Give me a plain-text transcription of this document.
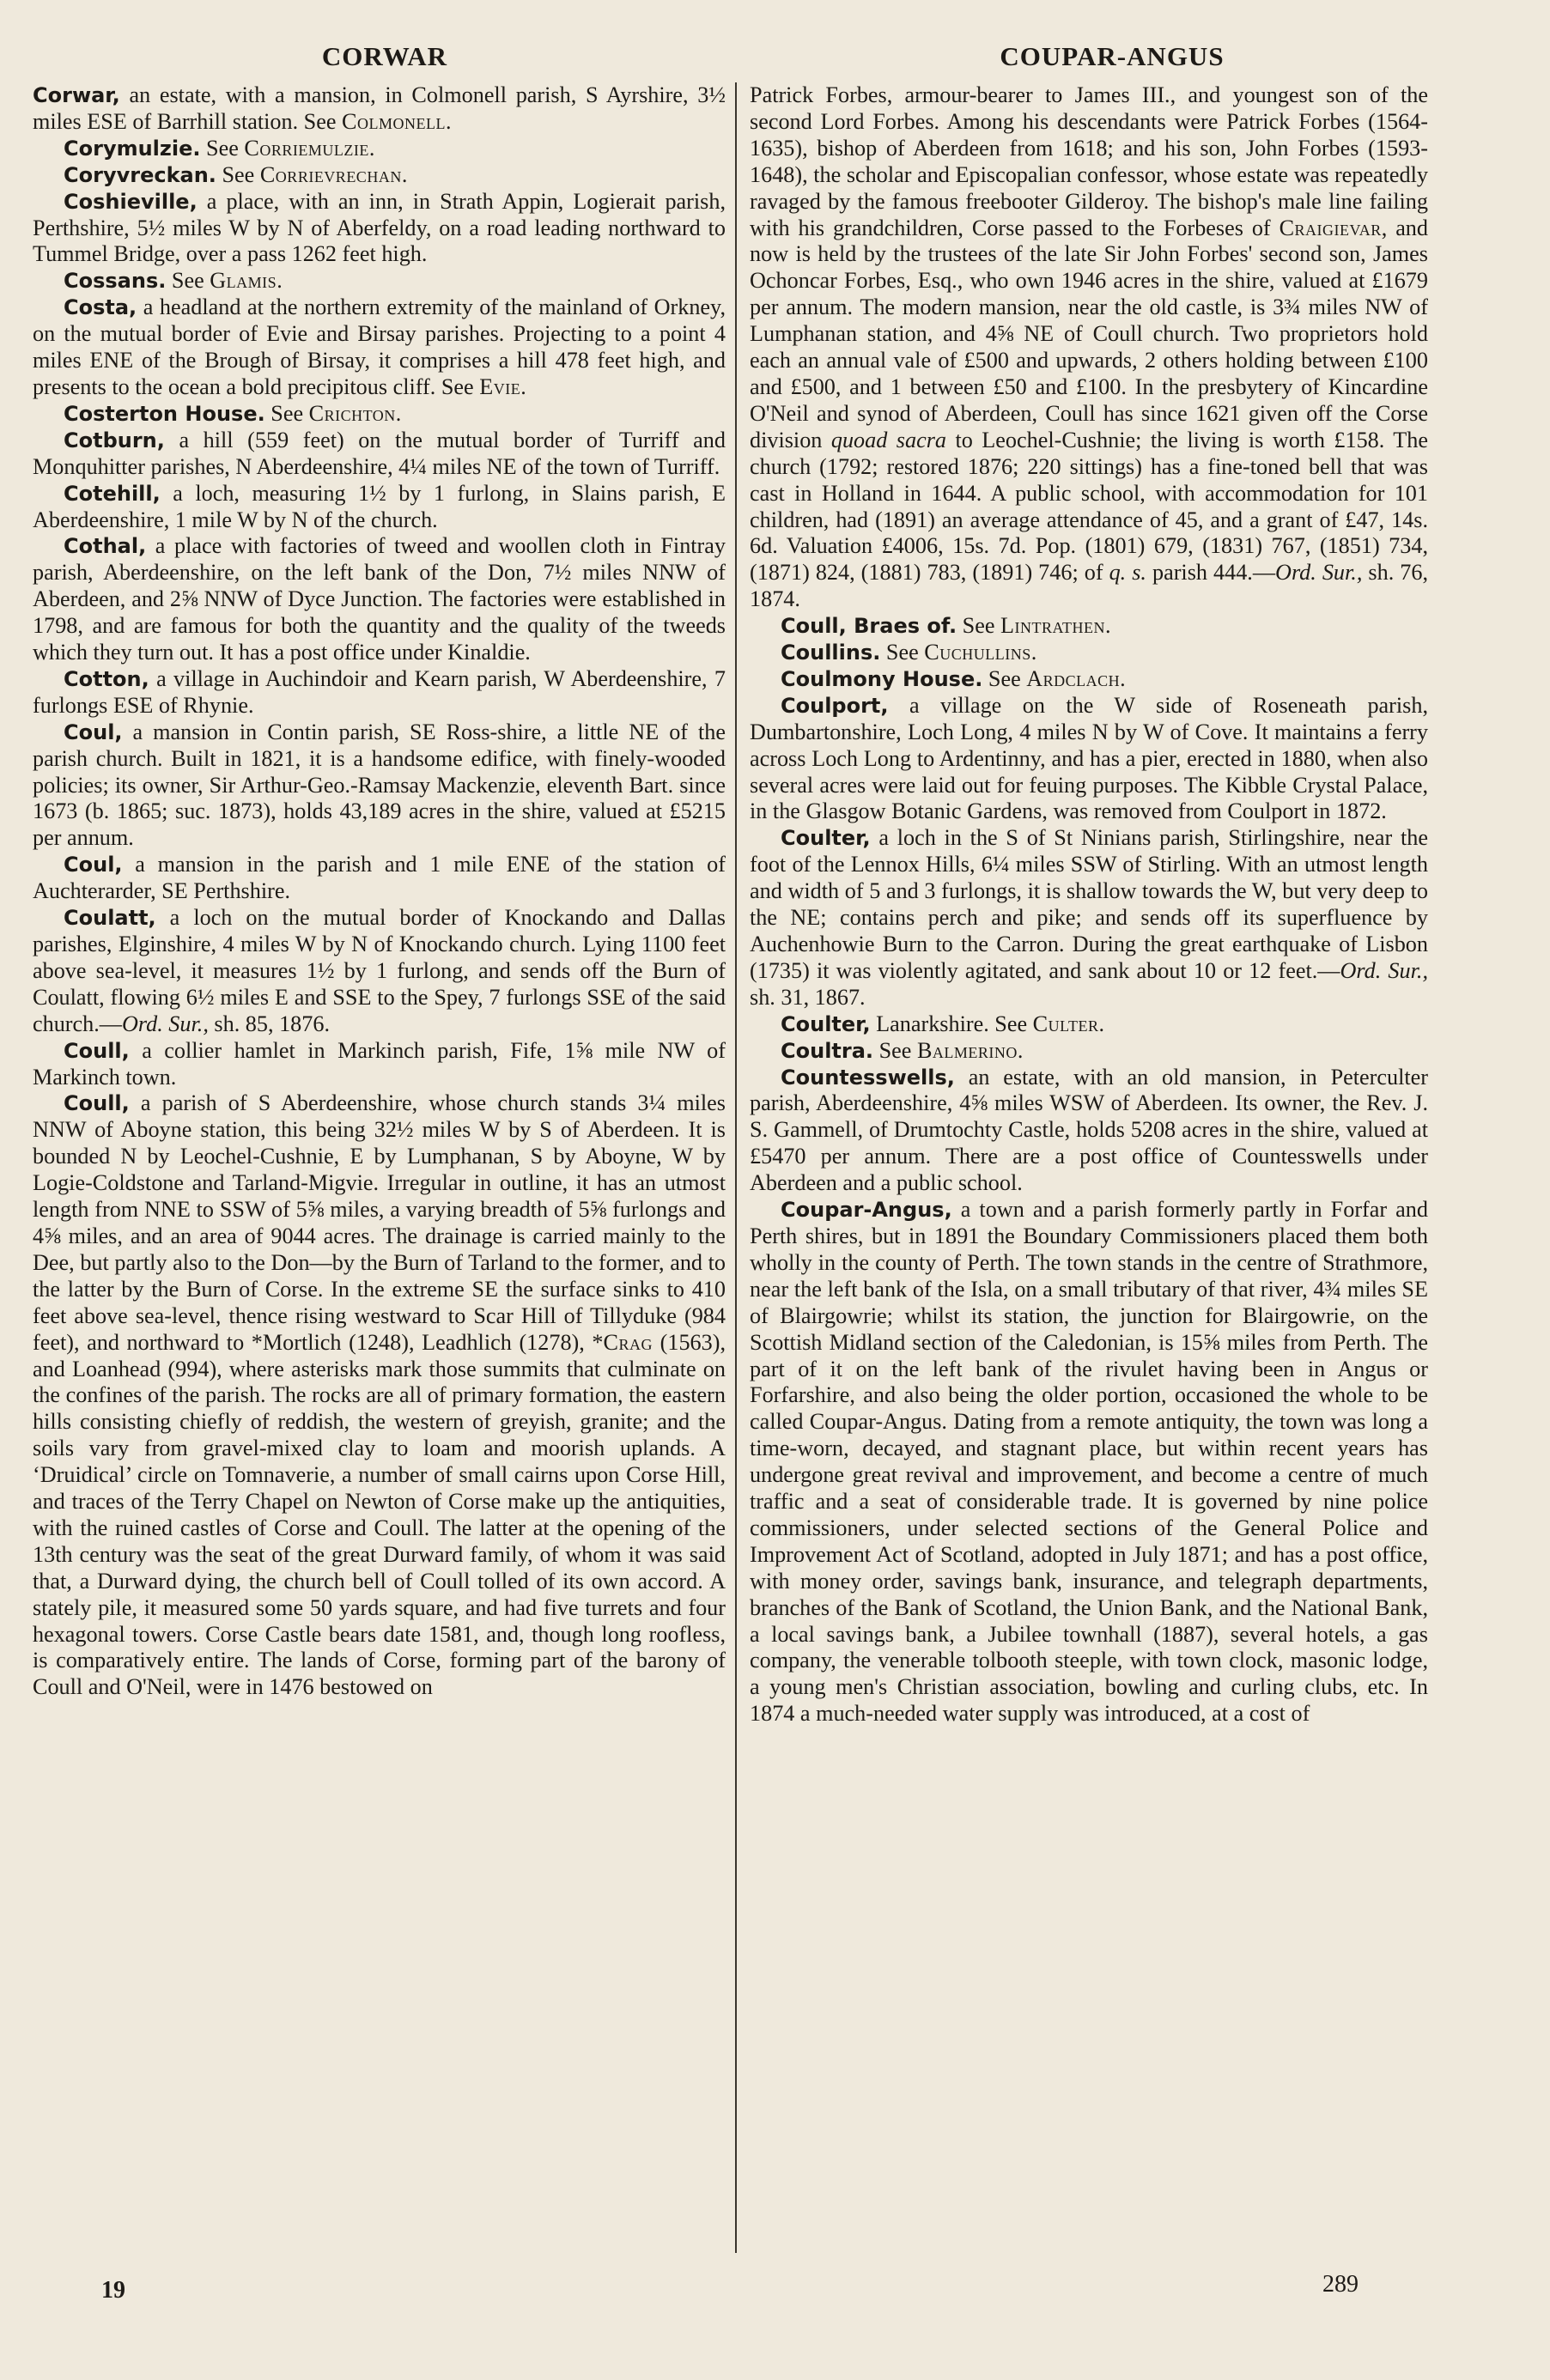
CORWAR	COUPAR-ANGUS

Corwar, an estate, with a mansion, in Colmonell parish, S Ayrshire, 3½ miles ESE of Barrhill station. See Colmonell.

Corymulzie. See Corriemulzie.

Coryvreckan. See Corrievrechan.

Coshieville, a place, with an inn, in Strath Appin, Logierait parish, Perthshire, 5½ miles W by N of Aberfeldy, on a road leading northward to Tummel Bridge, over a pass 1262 feet high.

Cossans. See Glamis.

Costa, a headland at the northern extremity of the mainland of Orkney, on the mutual border of Evie and Birsay parishes. Projecting to a point 4 miles ENE of the Brough of Birsay, it comprises a hill 478 feet high, and presents to the ocean a bold precipitous cliff. See Evie.

Costerton House. See Crichton.

Cotburn, a hill (559 feet) on the mutual border of Turriff and Monquhitter parishes, N Aberdeenshire, 4¼ miles NE of the town of Turriff.

Cotehill, a loch, measuring 1½ by 1 furlong, in Slains parish, E Aberdeenshire, 1 mile W by N of the church.

Cothal, a place with factories of tweed and woollen cloth in Fintray parish, Aberdeenshire, on the left bank of the Don, 7½ miles NNW of Aberdeen, and 2⅝ NNW of Dyce Junction. The factories were established in 1798, and are famous for both the quantity and the quality of the tweeds which they turn out. It has a post office under Kinaldie.

Cotton, a village in Auchindoir and Kearn parish, W Aberdeenshire, 7 furlongs ESE of Rhynie.

Coul, a mansion in Contin parish, SE Ross-shire, a little NE of the parish church. Built in 1821, it is a handsome edifice, with finely-wooded policies; its owner, Sir Arthur-Geo.-Ramsay Mackenzie, eleventh Bart. since 1673 (b. 1865; suc. 1873), holds 43,189 acres in the shire, valued at £5215 per annum.

Coul, a mansion in the parish and 1 mile ENE of the station of Auchterarder, SE Perthshire.

Coulatt, a loch on the mutual border of Knockando and Dallas parishes, Elginshire, 4 miles W by N of Knockando church. Lying 1100 feet above sea-level, it measures 1½ by 1 furlong, and sends off the Burn of Coulatt, flowing 6½ miles E and SSE to the Spey, 7 furlongs SSE of the said church.—Ord. Sur., sh. 85, 1876.

Coull, a collier hamlet in Markinch parish, Fife, 1⅝ mile NW of Markinch town.

Coull, a parish of S Aberdeenshire, whose church stands 3¼ miles NNW of Aboyne station, this being 32½ miles W by S of Aberdeen. It is bounded N by Leochel-Cushnie, E by Lumphanan, S by Aboyne, W by Logie-Coldstone and Tarland-Migvie. Irregular in outline, it has an utmost length from NNE to SSW of 5⅝ miles, a varying breadth of 5⅝ furlongs and 4⅝ miles, and an area of 9044 acres. The drainage is carried mainly to the Dee, but partly also to the Don—by the Burn of Tarland to the former, and to the latter by the Burn of Corse. In the extreme SE the surface sinks to 410 feet above sea-level, thence rising westward to Scar Hill of Tillyduke (984 feet), and northward to *Mortlich (1248), Leadhlich (1278), *Crag (1563), and Loanhead (994), where asterisks mark those summits that culminate on the confines of the parish. The rocks are all of primary formation, the eastern hills consisting chiefly of reddish, the western of greyish, granite; and the soils vary from gravel-mixed clay to loam and moorish uplands. A ‘Druidical’ circle on Tomnaverie, a number of small cairns upon Corse Hill, and traces of the Terry Chapel on Newton of Corse make up the antiquities, with the ruined castles of Corse and Coull. The latter at the opening of the 13th century was the seat of the great Durward family, of whom it was said that, a Durward dying, the church bell of Coull tolled of its own accord. A stately pile, it measured some 50 yards square, and had five turrets and four hexagonal towers. Corse Castle bears date 1581, and, though long roofless, is comparatively entire. The lands of Corse, forming part of the barony of Coull and O'Neil, were in 1476 bestowed on

Patrick Forbes, armour-bearer to James III., and youngest son of the second Lord Forbes. Among his descendants were Patrick Forbes (1564-1635), bishop of Aberdeen from 1618; and his son, John Forbes (1593-1648), the scholar and Episcopalian confessor, whose estate was repeatedly ravaged by the famous freebooter Gilderoy. The bishop's male line failing with his grandchildren, Corse passed to the Forbeses of Craigievar, and now is held by the trustees of the late Sir John Forbes' second son, James Ochoncar Forbes, Esq., who own 1946 acres in the shire, valued at £1679 per annum. The modern mansion, near the old castle, is 3¾ miles NW of Lumphanan station, and 4⅝ NE of Coull church. Two proprietors hold each an annual vale of £500 and upwards, 2 others holding between £100 and £500, and 1 between £50 and £100. In the presbytery of Kincardine O'Neil and synod of Aberdeen, Coull has since 1621 given off the Corse division quoad sacra to Leochel-Cushnie; the living is worth £158. The church (1792; restored 1876; 220 sittings) has a fine-toned bell that was cast in Holland in 1644. A public school, with accommodation for 101 children, had (1891) an average attendance of 45, and a grant of £47, 14s. 6d. Valuation £4006, 15s. 7d. Pop. (1801) 679, (1831) 767, (1851) 734, (1871) 824, (1881) 783, (1891) 746; of q. s. parish 444.—Ord. Sur., sh. 76, 1874.

Coull, Braes of. See Lintrathen.

Coullins. See Cuchullins.

Coulmony House. See Ardclach.

Coulport, a village on the W side of Roseneath parish, Dumbartonshire, Loch Long, 4 miles N by W of Cove. It maintains a ferry across Loch Long to Ardentinny, and has a pier, erected in 1880, when also several acres were laid out for feuing purposes. The Kibble Crystal Palace, in the Glasgow Botanic Gardens, was removed from Coulport in 1872.

Coulter, a loch in the S of St Ninians parish, Stirlingshire, near the foot of the Lennox Hills, 6¼ miles SSW of Stirling. With an utmost length and width of 5 and 3 furlongs, it is shallow towards the W, but very deep to the NE; contains perch and pike; and sends off its superfluence by Auchenhowie Burn to the Carron. During the great earthquake of Lisbon (1735) it was violently agitated, and sank about 10 or 12 feet.—Ord. Sur., sh. 31, 1867.

Coulter, Lanarkshire. See Culter.

Coultra. See Balmerino.

Countesswells, an estate, with an old mansion, in Peterculter parish, Aberdeenshire, 4⅝ miles WSW of Aberdeen. Its owner, the Rev. J. S. Gammell, of Drumtochty Castle, holds 5208 acres in the shire, valued at £5470 per annum. There are a post office of Countesswells under Aberdeen and a public school.

Coupar-Angus, a town and a parish formerly partly in Forfar and Perth shires, but in 1891 the Boundary Commissioners placed them both wholly in the county of Perth. The town stands in the centre of Strathmore, near the left bank of the Isla, on a small tributary of that river, 4¾ miles SE of Blairgowrie; whilst its station, the junction for Blairgowrie, on the Scottish Midland section of the Caledonian, is 15⅝ miles from Perth. The part of it on the left bank of the rivulet having been in Angus or Forfarshire, and also being the older portion, occasioned the whole to be called Coupar-Angus. Dating from a remote antiquity, the town was long a time-worn, decayed, and stagnant place, but within recent years has undergone great revival and improvement, and become a centre of much traffic and a seat of considerable trade. It is governed by nine police commissioners, under selected sections of the General Police and Improvement Act of Scotland, adopted in July 1871; and has a post office, with money order, savings bank, insurance, and telegraph departments, branches of the Bank of Scotland, the Union Bank, and the National Bank, a local savings bank, a Jubilee townhall (1887), several hotels, a gas company, the venerable tolbooth steeple, with town clock, masonic lodge, a young men's Christian association, bowling and curling clubs, etc. In 1874 a much-needed water supply was introduced, at a cost of

19	289
